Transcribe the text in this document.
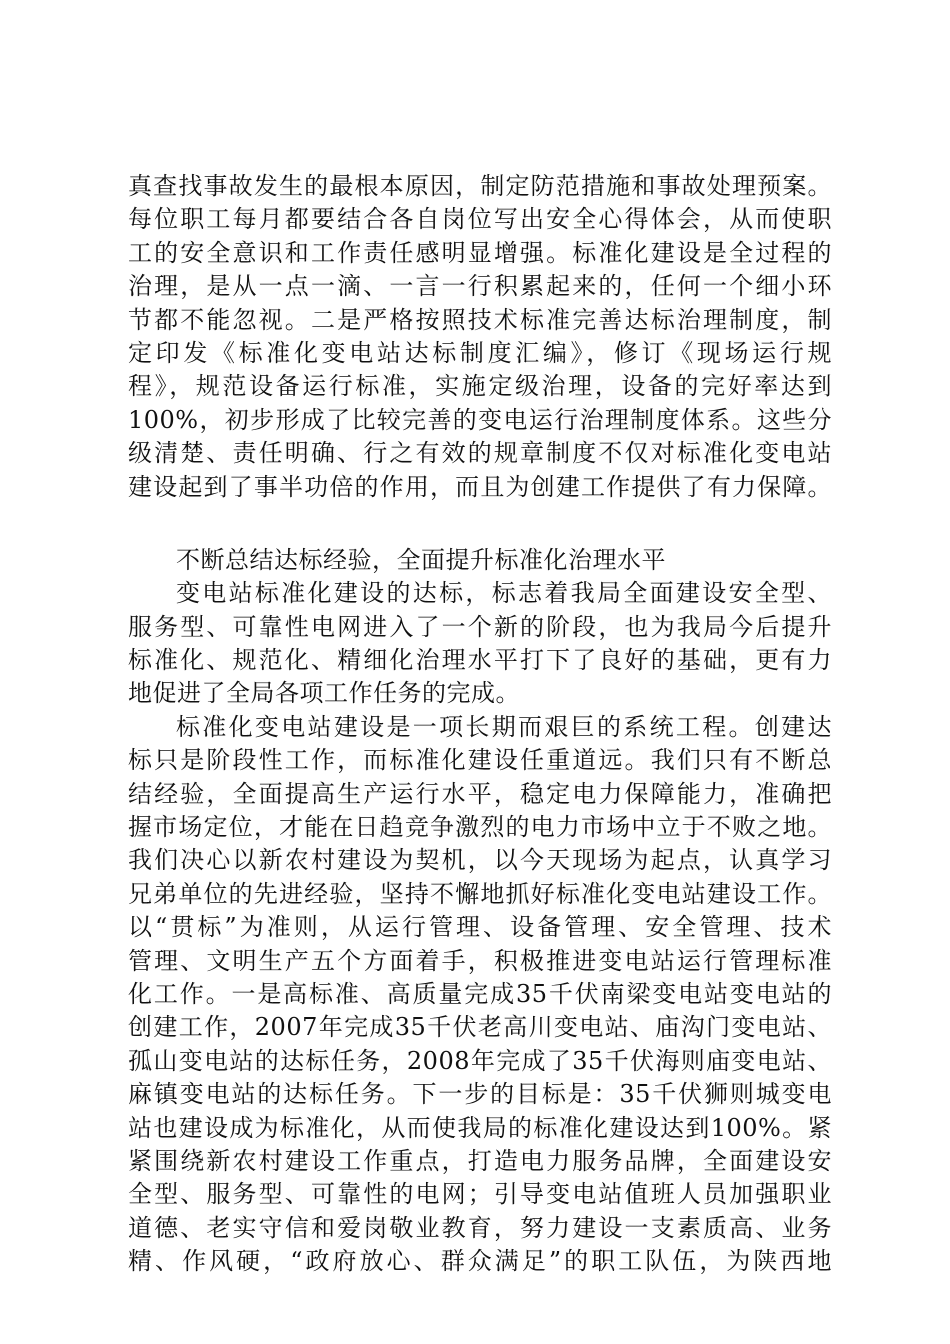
真查找事故发生的最根本原因，制定防范措施和事故处理预案。
每位职工每月都要结合各自岗位写出安全心得体会，从而使职
工的安全意识和工作责任感明显增强。标准化建设是全过程的
治理，是从一点一滴、一言一行积累起来的，任何一个细小环
节都不能忽视。二是严格按照技术标准完善达标治理制度，制
定印发《标准化变电站达标制度汇编》，修订《现场运行规
程》，规范设备运行标准，实施定级治理，设备的完好率达到
100%，初步形成了比较完善的变电运行治理制度体系。这些分
级清楚、责任明确、行之有效的规章制度不仅对标准化变电站
建设起到了事半功倍的作用，而且为创建工作提供了有力保障。
不断总结达标经验，全面提升标准化治理水平
变电站标准化建设的达标，标志着我局全面建设安全型、
服务型、可靠性电网进入了一个新的阶段，也为我局今后提升
标准化、规范化、精细化治理水平打下了良好的基础，更有力
地促进了全局各项工作任务的完成。
标准化变电站建设是一项长期而艰巨的系统工程。创建达
标只是阶段性工作，而标准化建设任重道远。我们只有不断总
结经验，全面提高生产运行水平，稳定电力保障能力，准确把
握市场定位，才能在日趋竞争激烈的电力市场中立于不败之地。
我们决心以新农村建设为契机，以今天现场为起点，认真学习
兄弟单位的先进经验，坚持不懈地抓好标准化变电站建设工作。
以“贯标”为准则，从运行管理、设备管理、安全管理、技术
管理、文明生产五个方面着手，积极推进变电站运行管理标准
化工作。一是高标准、高质量完成35千伏南梁变电站变电站的
创建工作，2007年完成35千伏老高川变电站、庙沟门变电站、
孤山变电站的达标任务，2008年完成了35千伏海则庙变电站、
麻镇变电站的达标任务。下一步的目标是：35千伏狮则城变电
站也建设成为标准化，从而使我局的标准化建设达到100%。紧
紧围绕新农村建设工作重点，打造电力服务品牌，全面建设安
全型、服务型、可靠性的电网；引导变电站值班人员加强职业
道德、老实守信和爱岗敬业教育，努力建设一支素质高、业务
精、作风硬，“政府放心、群众满足”的职工队伍，为陕西地
